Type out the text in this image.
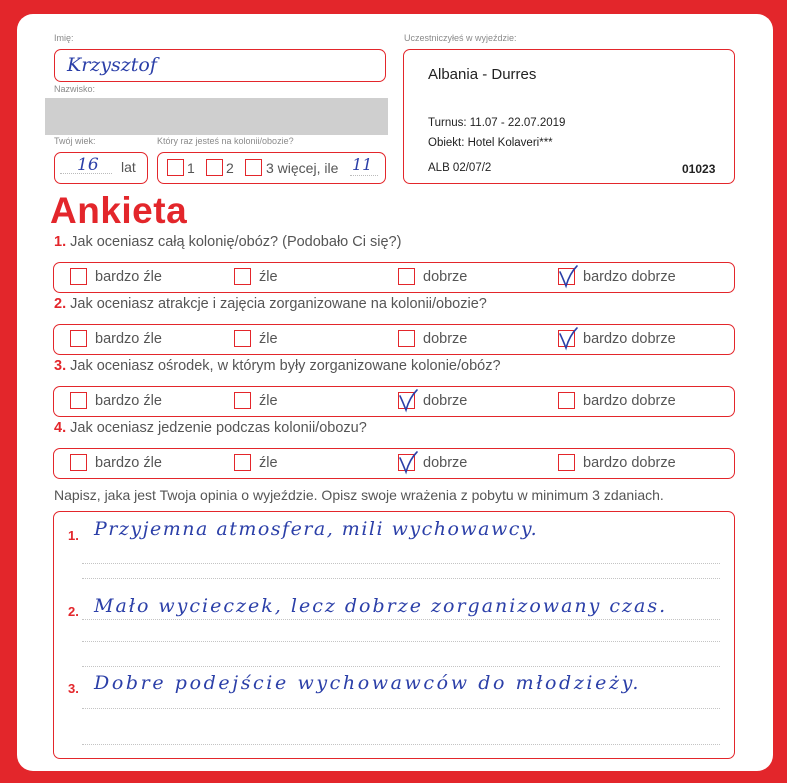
Imię:
Krzysztof
Nazwisko:
Twój wiek:
16 lat
Który raz jesteś na kolonii/obozie?
1 2 3 więcej, ile 11
Uczestniczyłeś w wyjeździe:
Albania - Durres
Turnus: 11.07 - 22.07.2019
Obiekt: Hotel Kolaveri***
ALB 02/07/2	01023
Ankieta
1. Jak oceniasz całą kolonię/obóz? (Podobało Ci się?)
bardzo źle	źle	dobrze	bardzo dobrze
2. Jak oceniasz atrakcje i zajęcia zorganizowane na kolonii/obozie?
bardzo źle	źle	dobrze	bardzo dobrze
3. Jak oceniasz ośrodek, w którym były zorganizowane kolonie/obóz?
bardzo źle	źle	dobrze	bardzo dobrze
4. Jak oceniasz jedzenie podczas kolonii/obozu?
bardzo źle	źle	dobrze	bardzo dobrze
Napisz, jaka jest Twoja opinia o wyjeździe. Opisz swoje wrażenia z pobytu w minimum 3 zdaniach.
1. Przyjemna atmosfera, mili wychowawcy.
2. Mało wycieczek, lecz dobrze zorganizowany czas.
3. Dobre podejście wychowawców do młodzieży.
